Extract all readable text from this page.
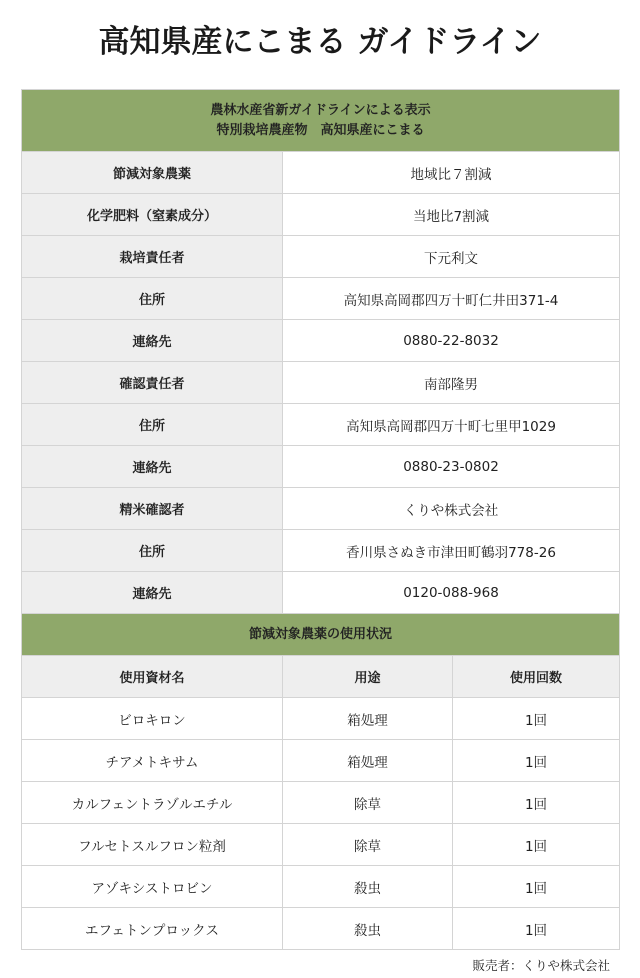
高知県産にこまる ガイドライン
農林水産省新ガイドラインによる表示
特別栽培農産物　高知県産にこまる		

節減対象農薬	地域比７割減	
化学肥料（窒素成分）	当地比7割減	
栽培責任者	下元利文	
住所	高知県高岡郡四万十町仁井田371-4	
連絡先	0880-22-8032	
確認責任者	南部隆男	
住所	高知県高岡郡四万十町七里甲1029	
連絡先	0880-23-0802	
精米確認者	くりや株式会社	
住所	香川県さぬき市津田町鶴羽778-26	
連絡先	0120-088-968	
節減対象農薬の使用状況		
使用資材名	用途	使用回数
ビロキロン	箱処理	1回
チアメトキサム	箱処理	1回
カルフェントラゾルエチル	除草	1回
フルセトスルフロン粒剤	除草	1回
アゾキシストロビン	殺虫	1回
エフェトンプロックス	殺虫	1回
販売者：くりや株式会社
